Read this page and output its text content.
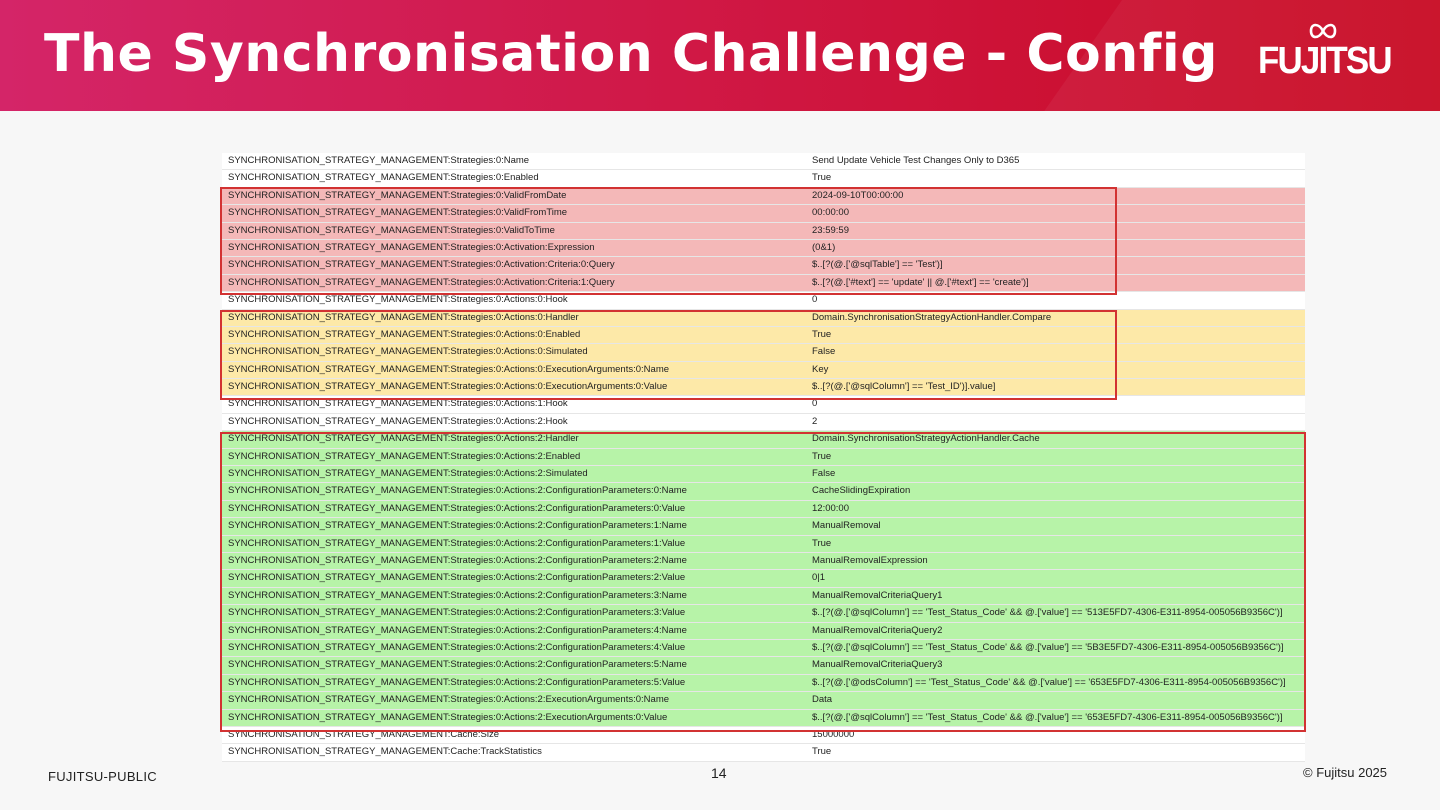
The Synchronisation Challenge - Config FUJITSU
SYNCHRONISATION_STRATEGY_MANAGEMENT:Strategies:0:Name	Send Update Vehicle Test Changes Only to D365
SYNCHRONISATION_STRATEGY_MANAGEMENT:Strategies:0:Enabled	True
SYNCHRONISATION_STRATEGY_MANAGEMENT:Strategies:0:ValidFromDate	2024-09-10T00:00:00
SYNCHRONISATION_STRATEGY_MANAGEMENT:Strategies:0:ValidFromTime	00:00:00
SYNCHRONISATION_STRATEGY_MANAGEMENT:Strategies:0:ValidToTime	23:59:59
SYNCHRONISATION_STRATEGY_MANAGEMENT:Strategies:0:Activation:Expression	(0&1)
SYNCHRONISATION_STRATEGY_MANAGEMENT:Strategies:0:Activation:Criteria:0:Query	$..[?(@.['@sqlTable'] == 'Test')]
SYNCHRONISATION_STRATEGY_MANAGEMENT:Strategies:0:Activation:Criteria:1:Query	$..[?(@.['#text'] == 'update' || @.['#text'] == 'create')]
SYNCHRONISATION_STRATEGY_MANAGEMENT:Strategies:0:Actions:0:Hook	0
SYNCHRONISATION_STRATEGY_MANAGEMENT:Strategies:0:Actions:0:Handler	Domain.SynchronisationStrategyActionHandler.Compare
SYNCHRONISATION_STRATEGY_MANAGEMENT:Strategies:0:Actions:0:Enabled	True
SYNCHRONISATION_STRATEGY_MANAGEMENT:Strategies:0:Actions:0:Simulated	False
SYNCHRONISATION_STRATEGY_MANAGEMENT:Strategies:0:Actions:0:ExecutionArguments:0:Name	Key
SYNCHRONISATION_STRATEGY_MANAGEMENT:Strategies:0:Actions:0:ExecutionArguments:0:Value	$..[?(@.['@sqlColumn'] == 'Test_ID')].value]
SYNCHRONISATION_STRATEGY_MANAGEMENT:Strategies:0:Actions:1:Hook	0
SYNCHRONISATION_STRATEGY_MANAGEMENT:Strategies:0:Actions:2:Hook	2
SYNCHRONISATION_STRATEGY_MANAGEMENT:Strategies:0:Actions:2:Handler	Domain.SynchronisationStrategyActionHandler.Cache
SYNCHRONISATION_STRATEGY_MANAGEMENT:Strategies:0:Actions:2:Enabled	True
SYNCHRONISATION_STRATEGY_MANAGEMENT:Strategies:0:Actions:2:Simulated	False
SYNCHRONISATION_STRATEGY_MANAGEMENT:Strategies:0:Actions:2:ConfigurationParameters:0:Name	CacheSlidingExpiration
SYNCHRONISATION_STRATEGY_MANAGEMENT:Strategies:0:Actions:2:ConfigurationParameters:0:Value	12:00:00
SYNCHRONISATION_STRATEGY_MANAGEMENT:Strategies:0:Actions:2:ConfigurationParameters:1:Name	ManualRemoval
SYNCHRONISATION_STRATEGY_MANAGEMENT:Strategies:0:Actions:2:ConfigurationParameters:1:Value	True
SYNCHRONISATION_STRATEGY_MANAGEMENT:Strategies:0:Actions:2:ConfigurationParameters:2:Name	ManualRemovalExpression
SYNCHRONISATION_STRATEGY_MANAGEMENT:Strategies:0:Actions:2:ConfigurationParameters:2:Value	0|1
SYNCHRONISATION_STRATEGY_MANAGEMENT:Strategies:0:Actions:2:ConfigurationParameters:3:Name	ManualRemovalCriteriaQuery1
SYNCHRONISATION_STRATEGY_MANAGEMENT:Strategies:0:Actions:2:ConfigurationParameters:3:Value	$..[?(@.['@sqlColumn'] == 'Test_Status_Code' && @.['value'] == '513E5FD7-4306-E311-8954-005056B9356C')]
SYNCHRONISATION_STRATEGY_MANAGEMENT:Strategies:0:Actions:2:ConfigurationParameters:4:Name	ManualRemovalCriteriaQuery2
SYNCHRONISATION_STRATEGY_MANAGEMENT:Strategies:0:Actions:2:ConfigurationParameters:4:Value	$..[?(@.['@sqlColumn'] == 'Test_Status_Code' && @.['value'] == '5B3E5FD7-4306-E311-8954-005056B9356C')]
SYNCHRONISATION_STRATEGY_MANAGEMENT:Strategies:0:Actions:2:ConfigurationParameters:5:Name	ManualRemovalCriteriaQuery3
SYNCHRONISATION_STRATEGY_MANAGEMENT:Strategies:0:Actions:2:ConfigurationParameters:5:Value	$..[?(@.['@odsColumn'] == 'Test_Status_Code' && @.['value'] == '653E5FD7-4306-E311-8954-005056B9356C')]
SYNCHRONISATION_STRATEGY_MANAGEMENT:Strategies:0:Actions:2:ExecutionArguments:0:Name	Data
SYNCHRONISATION_STRATEGY_MANAGEMENT:Strategies:0:Actions:2:ExecutionArguments:0:Value	$..[?(@.['@sqlColumn'] == 'Test_Status_Code' && @.['value'] == '653E5FD7-4306-E311-8954-005056B9356C')]
SYNCHRONISATION_STRATEGY_MANAGEMENT:Cache:Size	15000000
SYNCHRONISATION_STRATEGY_MANAGEMENT:Cache:TrackStatistics	True
FUJITSU-PUBLIC	14	© Fujitsu 2025
